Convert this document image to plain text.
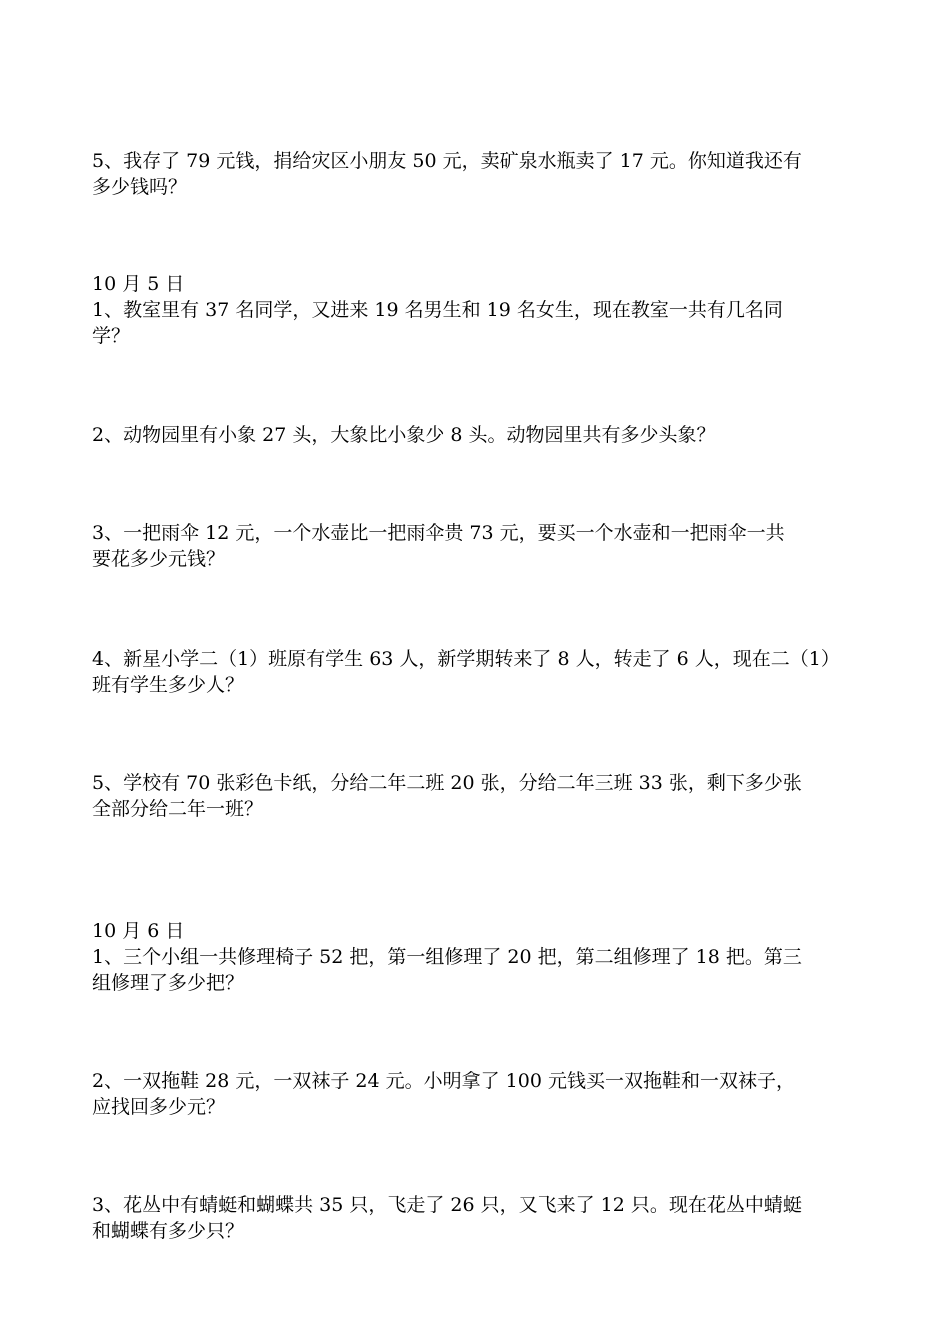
5、我存了 79 元钱，捐给灾区小朋友 50 元，卖矿泉水瓶卖了 17 元。你知道我还有
多少钱吗？
10 月 5 日
1、教室里有 37 名同学，又进来 19 名男生和 19 名女生，现在教室一共有几名同
学？
2、动物园里有小象 27 头，大象比小象少 8 头。动物园里共有多少头象？
3、一把雨伞 12 元，一个水壶比一把雨伞贵 73 元，要买一个水壶和一把雨伞一共
要花多少元钱？
4、新星小学二（1）班原有学生 63 人，新学期转来了 8 人，转走了 6 人，现在二（1）
班有学生多少人？
5、学校有 70 张彩色卡纸，分给二年二班 20 张，分给二年三班 33 张，剩下多少张
全部分给二年一班？
10 月 6 日
1、三个小组一共修理椅子 52 把，第一组修理了 20 把，第二组修理了 18 把。第三
组修理了多少把？
2、一双拖鞋 28 元，一双袜子 24 元。小明拿了 100 元钱买一双拖鞋和一双袜子，
应找回多少元？
3、花丛中有蜻蜓和蝴蝶共 35 只，飞走了 26 只，又飞来了 12 只。现在花丛中蜻蜓
和蝴蝶有多少只？
